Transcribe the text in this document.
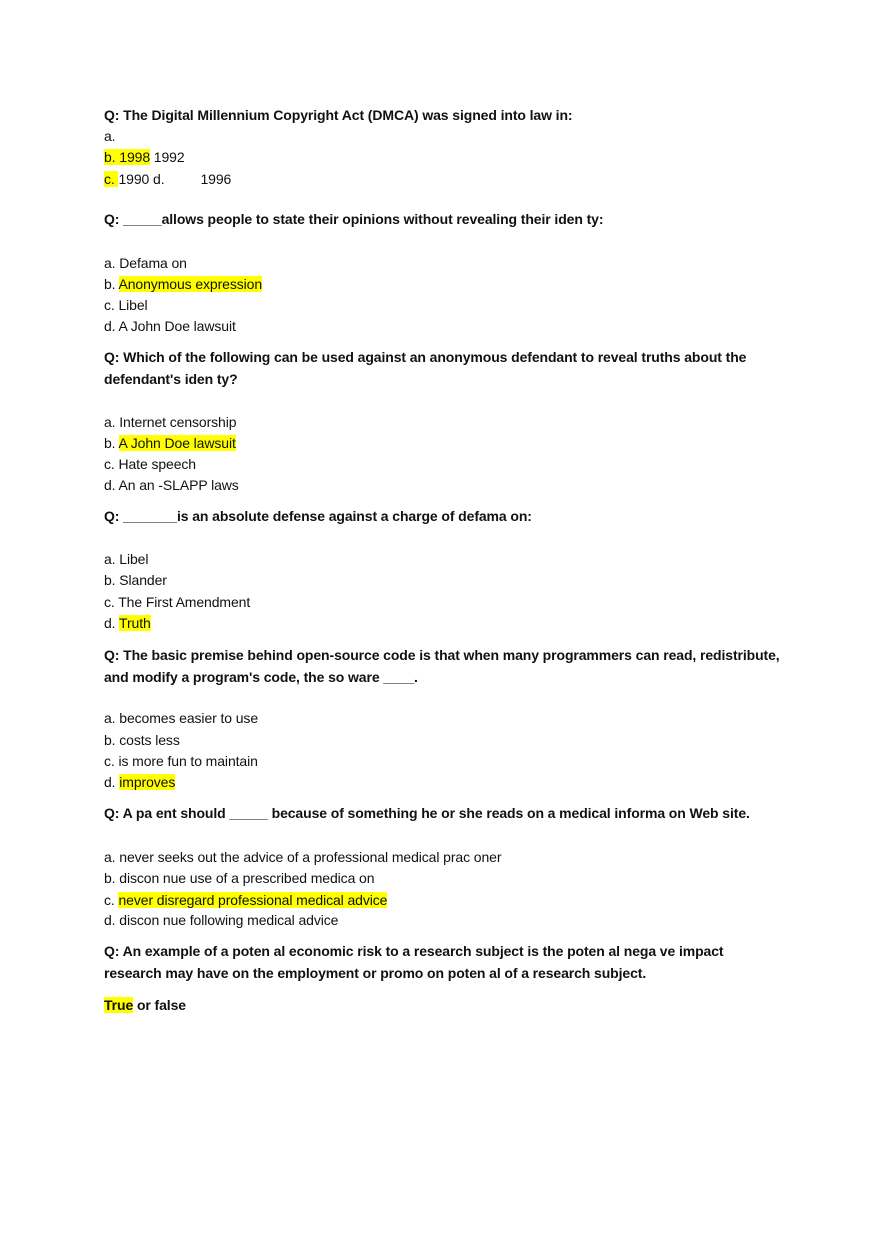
Q: The Digital Millennium Copyright Act (DMCA) was signed into law in:
a.
b. 1998 1992
c. 1990 d.	1996
Q: _____allows people to state their opinions without revealing their iden ty:
a. Defama on
b. Anonymous expression
c. Libel
d. A John Doe lawsuit
Q: Which of the following can be used against an anonymous defendant to reveal truths about the defendant's iden ty?
a. Internet censorship
b. A John Doe lawsuit
c. Hate speech
d. An an -SLAPP laws
Q: _______is an absolute defense against a charge of defama on:
a. Libel
b. Slander
c. The First Amendment
d. Truth
Q: The basic premise behind open-source code is that when many programmers can read, redistribute, and modify a program's code, the so ware ____.
a. becomes easier to use
b. costs less
c. is more fun to maintain
d. improves
Q: A pa ent should _____ because of something he or she reads on a medical informa on Web site.
a. never seeks out the advice of a professional medical prac oner
b. discon nue use of a prescribed medica on
c. never disregard professional medical advice
d. discon nue following medical advice
Q: An example of a poten al economic risk to a research subject is the poten al nega ve impact research may have on the employment or promo on poten al of a research subject.
True or false
